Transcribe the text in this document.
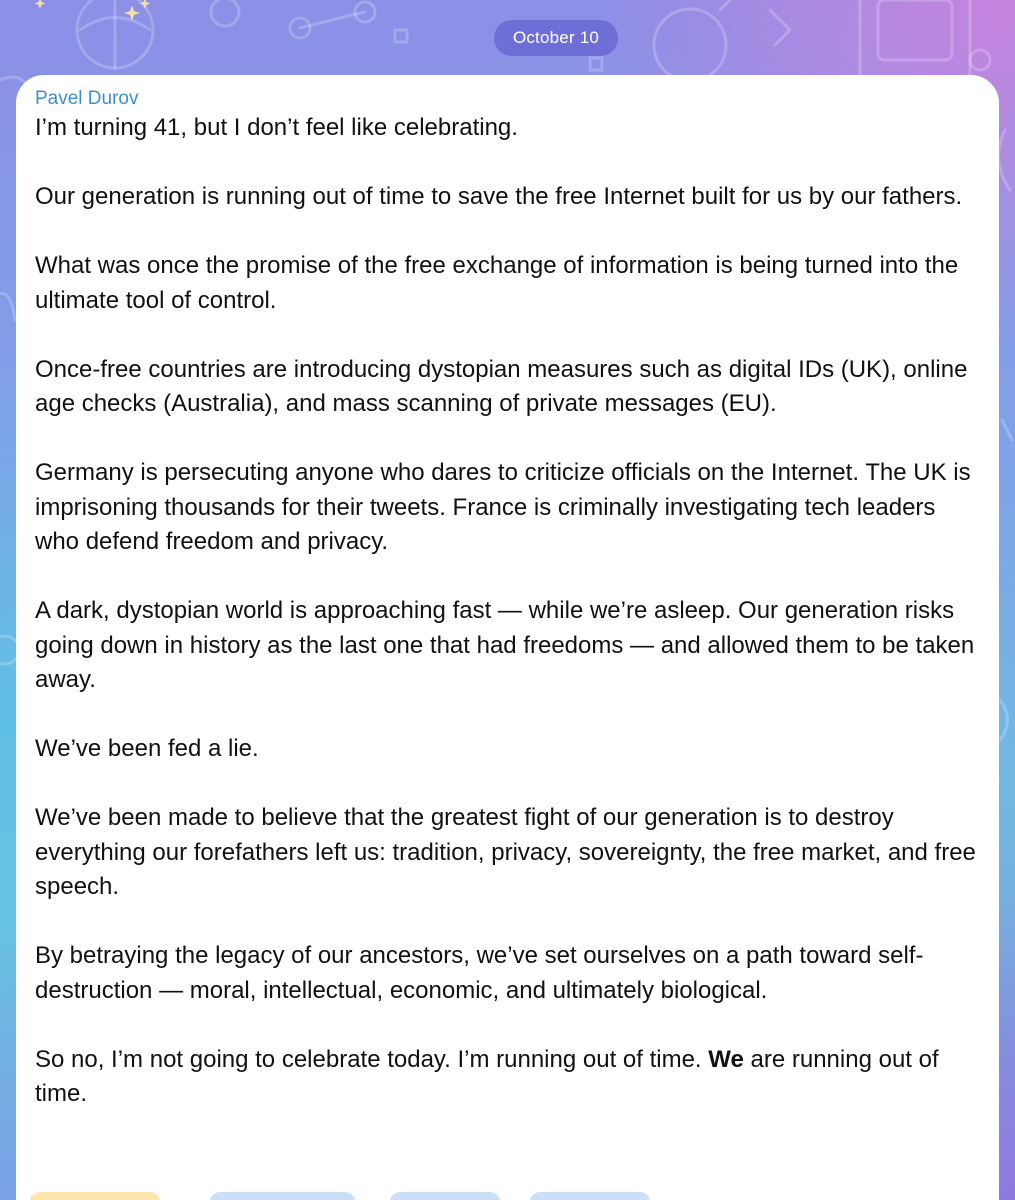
October 10
Pavel Durov

I’m turning 41, but I don’t feel like celebrating.

Our generation is running out of time to save the free Internet built for us by our fathers.

What was once the promise of the free exchange of information is being turned into the ultimate tool of control.

Once-free countries are introducing dystopian measures such as digital IDs (UK), online age checks (Australia), and mass scanning of private messages (EU).

Germany is persecuting anyone who dares to criticize officials on the Internet. The UK is imprisoning thousands for their tweets. France is criminally investigating tech leaders who defend freedom and privacy.

A dark, dystopian world is approaching fast — while we’re asleep. Our generation risks going down in history as the last one that had freedoms — and allowed them to be taken away.

We’ve been fed a lie.

We’ve been made to believe that the greatest fight of our generation is to destroy everything our forefathers left us: tradition, privacy, sovereignty, the free market, and free speech.

By betraying the legacy of our ancestors, we’ve set ourselves on a path toward self-destruction — moral, intellectual, economic, and ultimately biological.

So no, I’m not going to celebrate today. I’m running out of time. We are running out of time.
